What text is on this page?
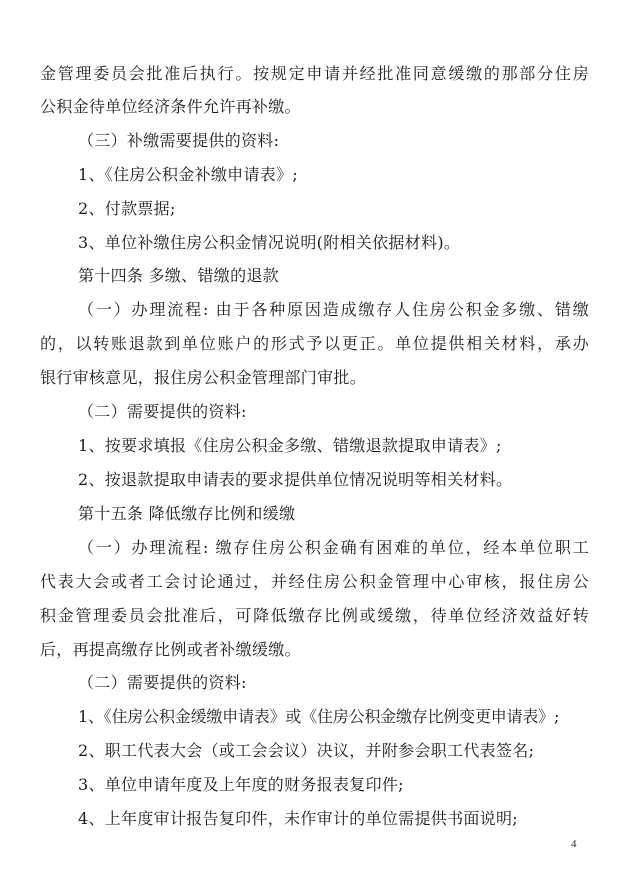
金管理委员会批准后执行。按规定申请并经批准同意缓缴的那部分住房
公积金待单位经济条件允许再补缴。
（三）补缴需要提供的资料:
1、《住房公积金补缴申请表》;
2、付款票据;
3、单位补缴住房公积金情况说明(附相关依据材料)。
第十四条 多缴、错缴的退款
（一）办理流程: 由于各种原因造成缴存人住房公积金多缴、错缴
的，以转账退款到单位账户的形式予以更正。单位提供相关材料，承办
银行审核意见，报住房公积金管理部门审批。
（二）需要提供的资料:
1、按要求填报《住房公积金多缴、错缴退款提取申请表》;
2、按退款提取申请表的要求提供单位情况说明等相关材料。
第十五条 降低缴存比例和缓缴
（一）办理流程: 缴存住房公积金确有困难的单位，经本单位职工
代表大会或者工会讨论通过，并经住房公积金管理中心审核，报住房公
积金管理委员会批准后，可降低缴存比例或缓缴，待单位经济效益好转
后，再提高缴存比例或者补缴缓缴。
（二）需要提供的资料:
1、《住房公积金缓缴申请表》或《住房公积金缴存比例变更申请表》;
2、职工代表大会（或工会会议）决议，并附参会职工代表签名;
3、单位申请年度及上年度的财务报表复印件;
4、上年度审计报告复印件，未作审计的单位需提供书面说明;
4
